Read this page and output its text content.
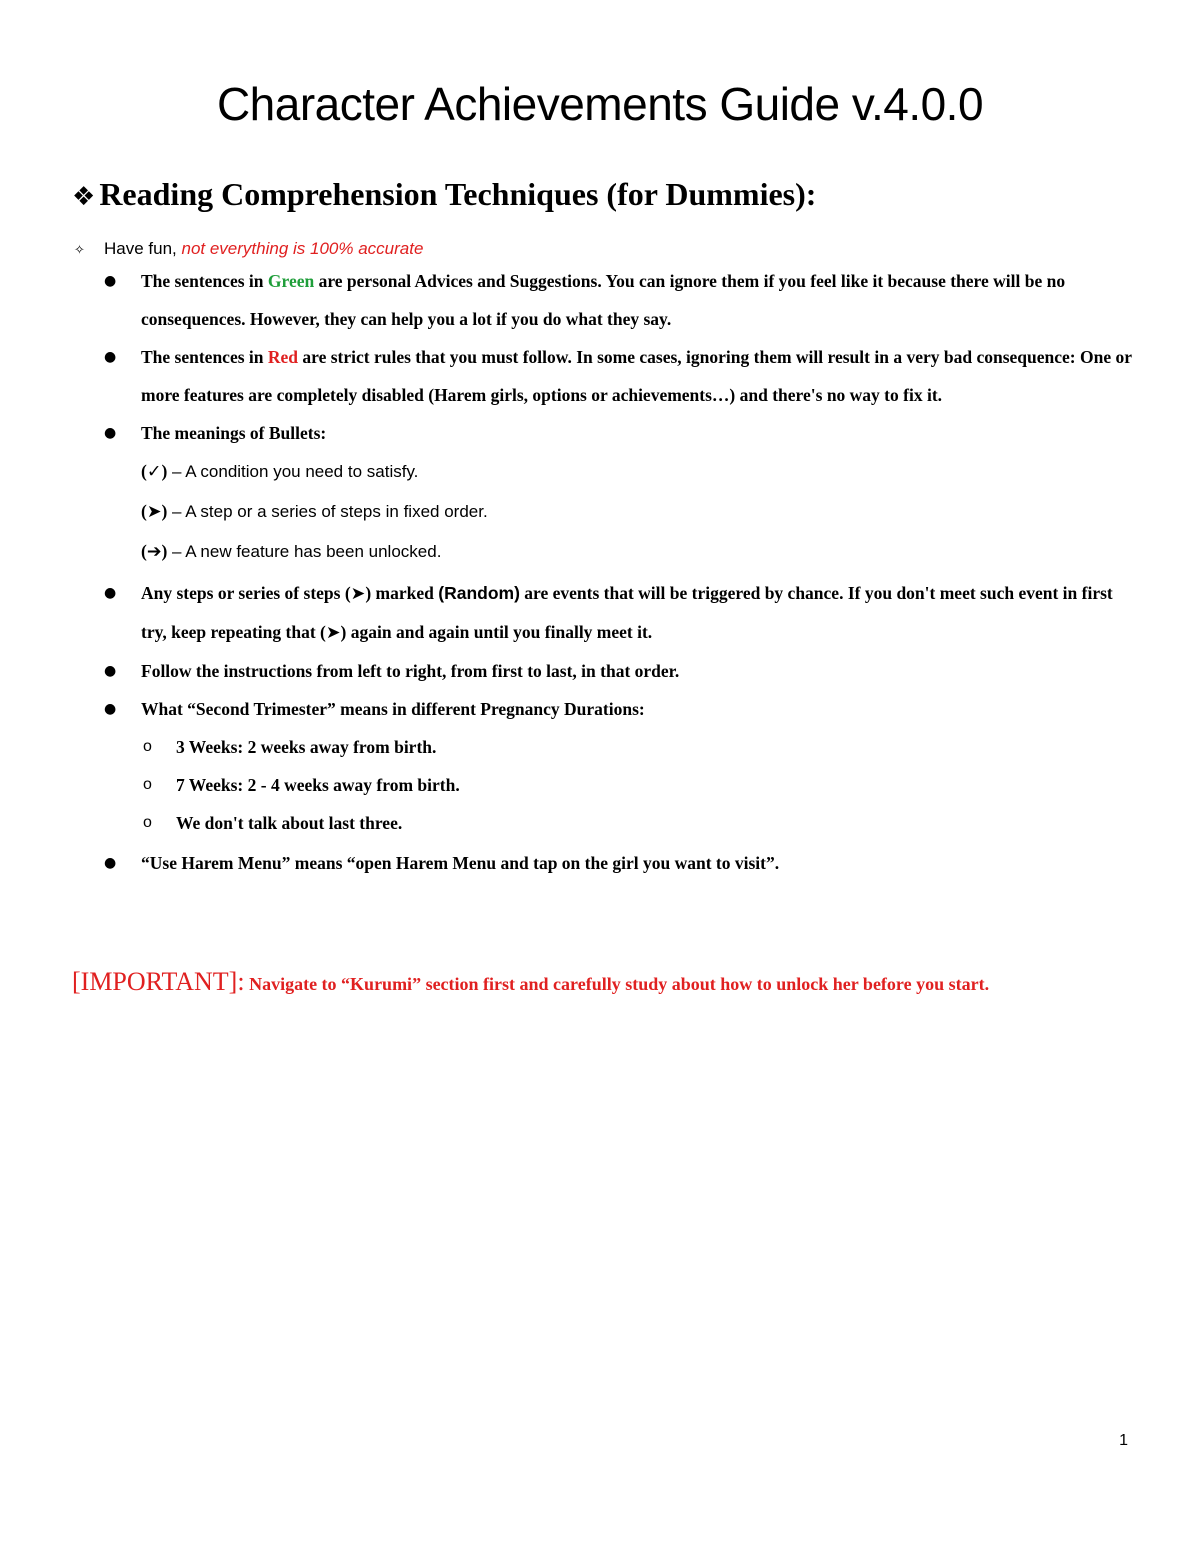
Character Achievements Guide v.4.0.0
❖ Reading Comprehension Techniques (for Dummies):

✧ Have fun, not everything is 100% accurate

● The sentences in Green are personal Advices and Suggestions. You can ignore them if you feel like it because there will be no consequences. However, they can help you a lot if you do what they say.
● The sentences in Red are strict rules that you must follow. In some cases, ignoring them will result in a very bad consequence: One or more features are completely disabled (Harem girls, options or achievements…) and there's no way to fix it.
● The meanings of Bullets:
(✓) – A condition you need to satisfy.
(➤) – A step or a series of steps in fixed order.
(➔) – A new feature has been unlocked.
● Any steps or series of steps (➤) marked (Random) are events that will be triggered by chance. If you don't meet such event in first try, keep repeating that (➤) again and again until you finally meet it.
● Follow the instructions from left to right, from first to last, in that order.
● What “Second Trimester” means in different Pregnancy Durations:
o 3 Weeks: 2 weeks away from birth.
o 7 Weeks: 2 - 4 weeks away from birth.
o We don't talk about last three.
● “Use Harem Menu” means “open Harem Menu and tap on the girl you want to visit”.

[IMPORTANT]: Navigate to “Kurumi” section first and carefully study about how to unlock her before you start.

1
